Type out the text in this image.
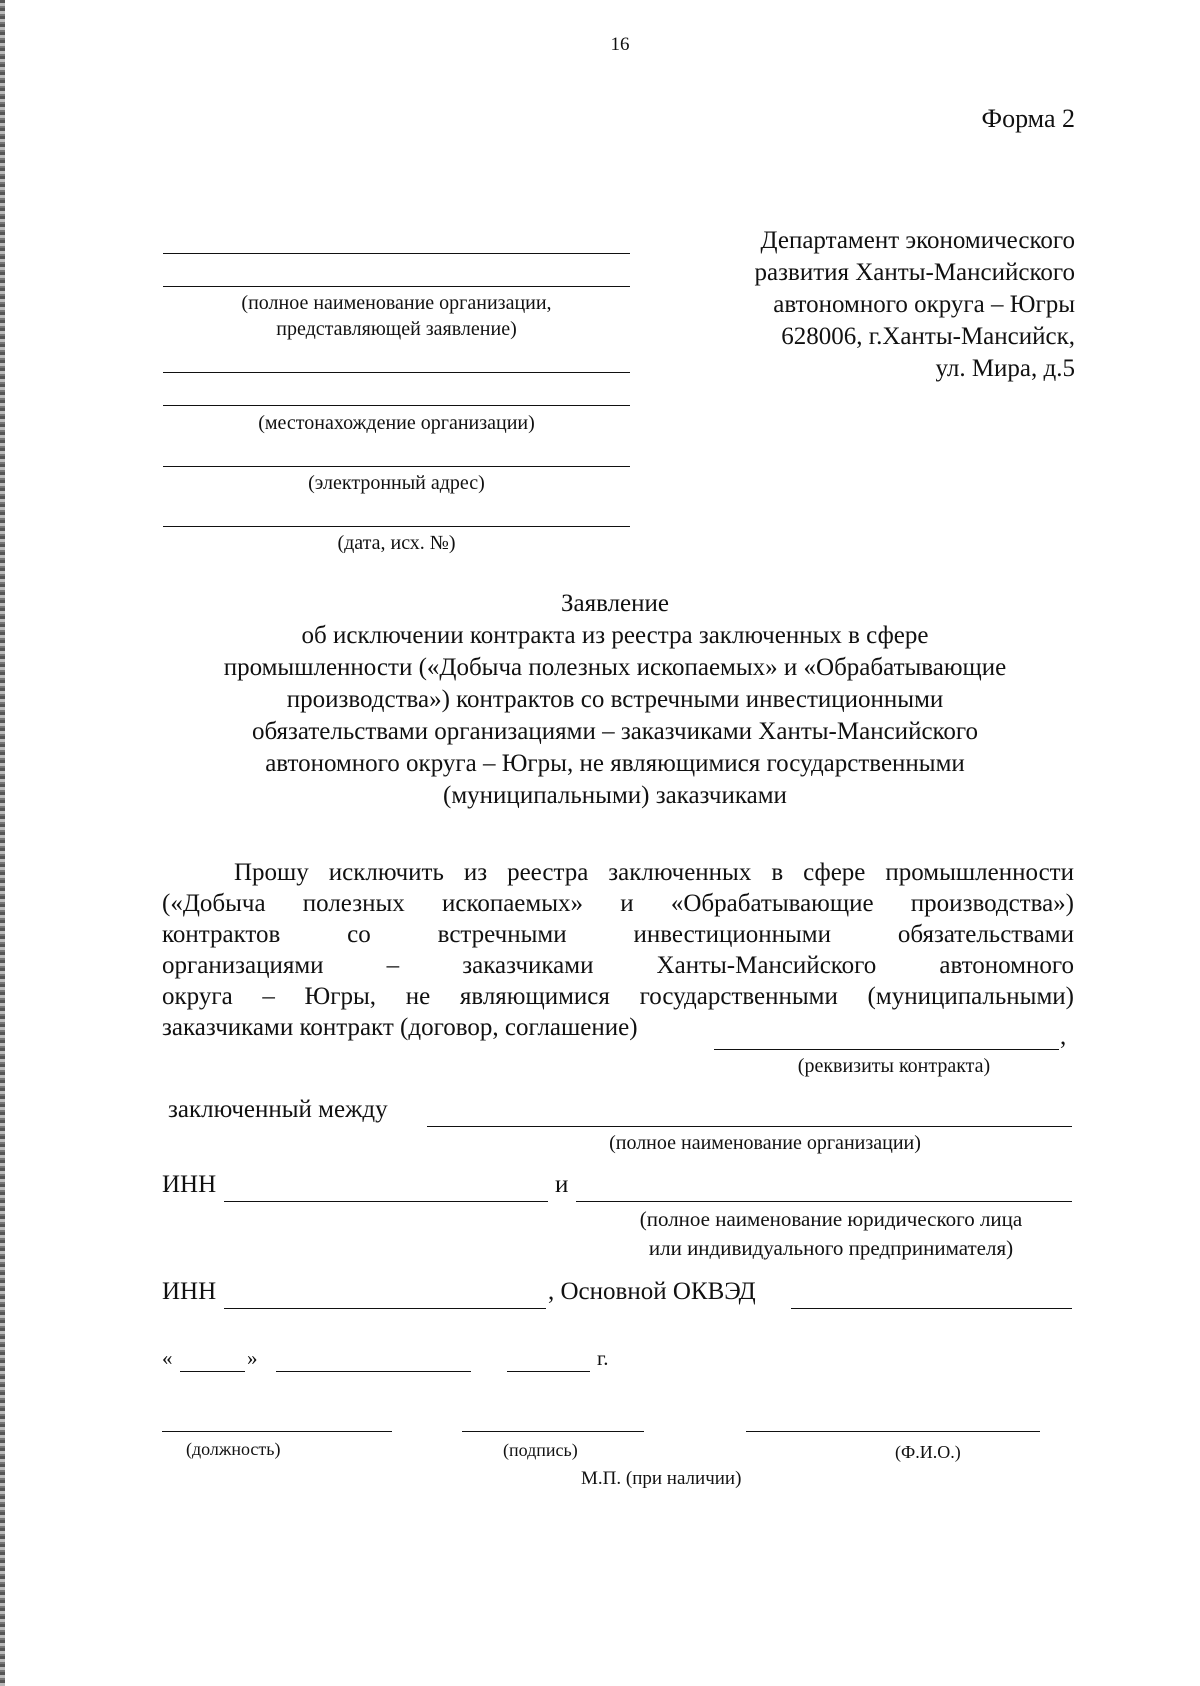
16
Форма 2
Департамент экономического
развития Ханты-Мансийского
автономного округа – Югры
628006, г.Ханты-Мансийск,
ул. Мира, д.5
(полное наименование организации,
представляющей заявление)
(местонахождение организации)
(электронный адрес)
(дата, исх. №)
Заявление
об исключении контракта из реестра заключенных в сфере
промышленности («Добыча полезных ископаемых» и «Обрабатывающие
производства») контрактов со встречными инвестиционными
обязательствами организациями – заказчиками Ханты-Мансийского
автономного округа – Югры, не являющимися государственными
(муниципальными) заказчиками
Прошу исключить из реестра заключенных в сфере промышленности
(«Добыча полезных ископаемых» и «Обрабатывающие производства»)
контрактов со встречными инвестиционными обязательствами
организациями – заказчиками Ханты-Мансийского автономного
округа – Югры, не являющимися государственными (муниципальными)
заказчиками контракт (договор, соглашение)	,
(реквизиты контракта)
заключенный между
(полное наименование организации)
ИНН	и
(полное наименование юридического лица
или индивидуального предпринимателя)
ИНН	, Основной ОКВЭД
«	»	г.
(должность)	(подпись)	(Ф.И.О.)
М.П. (при наличии)
